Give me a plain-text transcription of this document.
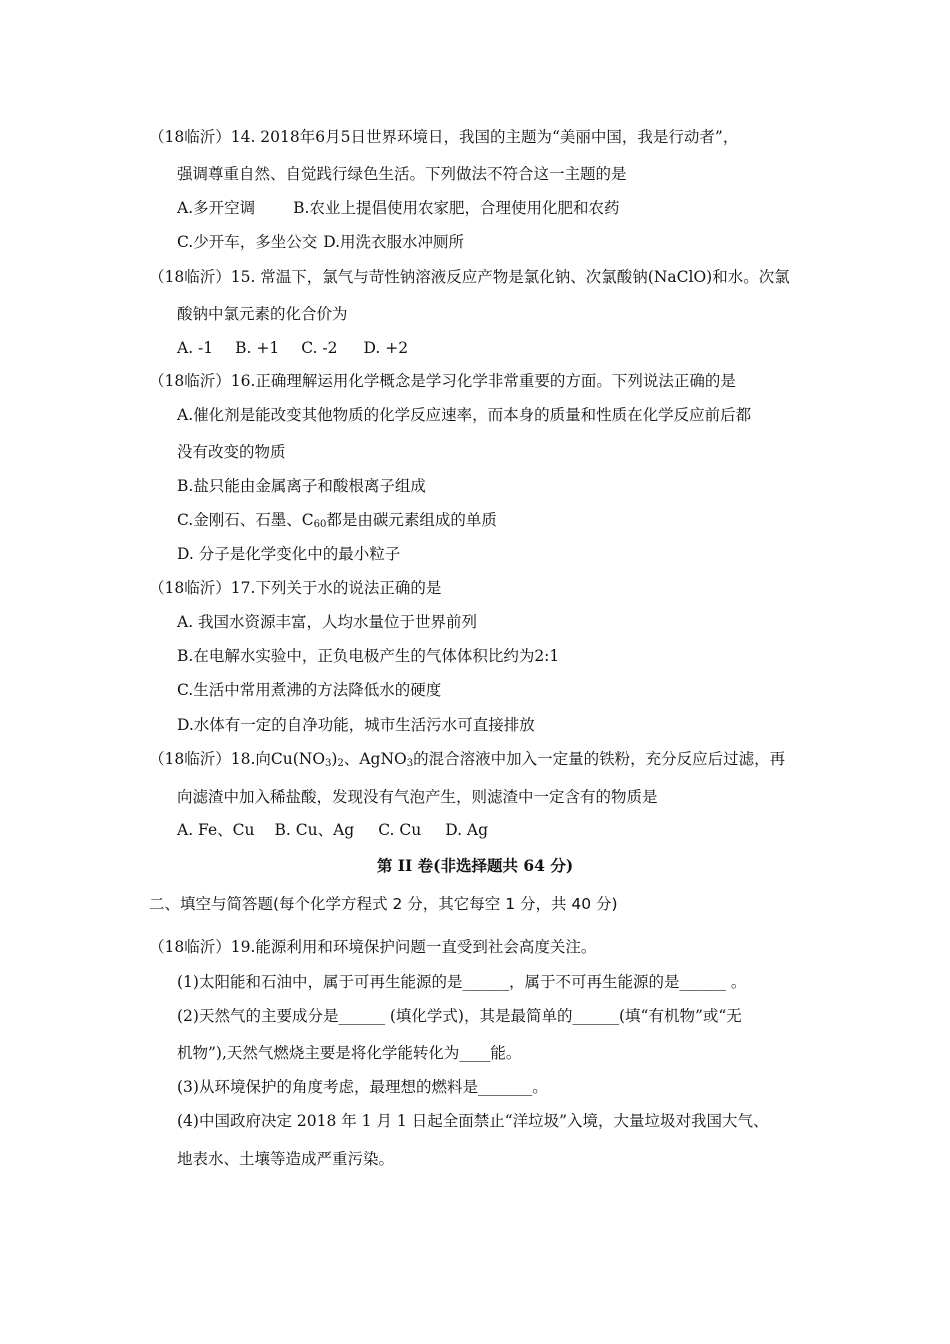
（18临沂）14. 2018年6月5日世界环境日，我国的主题为“美丽中国，我是行动者”，
强调尊重自然、自觉践行绿色生活。下列做法不符合这一主题的是
A.多开空调 B.农业上提倡使用农家肥，合理使用化肥和农药
C.少开车，多坐公交 D.用洗衣服水冲厕所
（18临沂）15. 常温下，氯气与苛性钠溶液反应产物是氯化钠、次氯酸钠(NaClO)和水。次氯
酸钠中氯元素的化合价为
A. -1 B. +1 C. -2 D. +2
（18临沂）16.正确理解运用化学概念是学习化学非常重要的方面。下列说法正确的是
A.催化剂是能改变其他物质的化学反应速率，而本身的质量和性质在化学反应前后都
没有改变的物质
B.盐只能由金属离子和酸根离子组成
C.金刚石、石墨、$C_{60}$都是由碳元素组成的单质
D. 分子是化学变化中的最小粒子
（18临沂）17.下列关于水的说法正确的是
A. 我国水资源丰富，人均水量位于世界前列
B.在电解水实验中，正负电极产生的气体体积比约为2:1
C.生活中常用煮沸的方法降低水的硬度
D.水体有一定的自净功能，城市生活污水可直接排放
（18临沂）18.向$Cu(NO_3)_2$、AgNO$_3$的混合溶液中加入一定量的铁粉，充分反应后过滤，再
向滤渣中加入稀盐酸，发现没有气泡产生，则滤渣中一定含有的物质是
A. Fe、Cu B. Cu、Ag C. Cu D. Ag
第 II 卷(非选择题共 64 分)
二、填空与简答题(每个化学方程式 2 分，其它每空 1 分，共 40 分)
（18临沂）19.能源利用和环境保护问题一直受到社会高度关注。
(1)太阳能和石油中，属于可再生能源的是______，属于不可再生能源的是______ 。
(2)天然气的主要成分是______ (填化学式)，其是最简单的______(填“有机物”或“无
机物”),天然气燃烧主要是将化学能转化为____能。
(3)从环境保护的角度考虑，最理想的燃料是_______。
(4)中国政府决定 2018 年 1 月 1 日起全面禁止“洋垃圾”入境，大量垃圾对我国大气、
地表水、土壤等造成严重污染。
